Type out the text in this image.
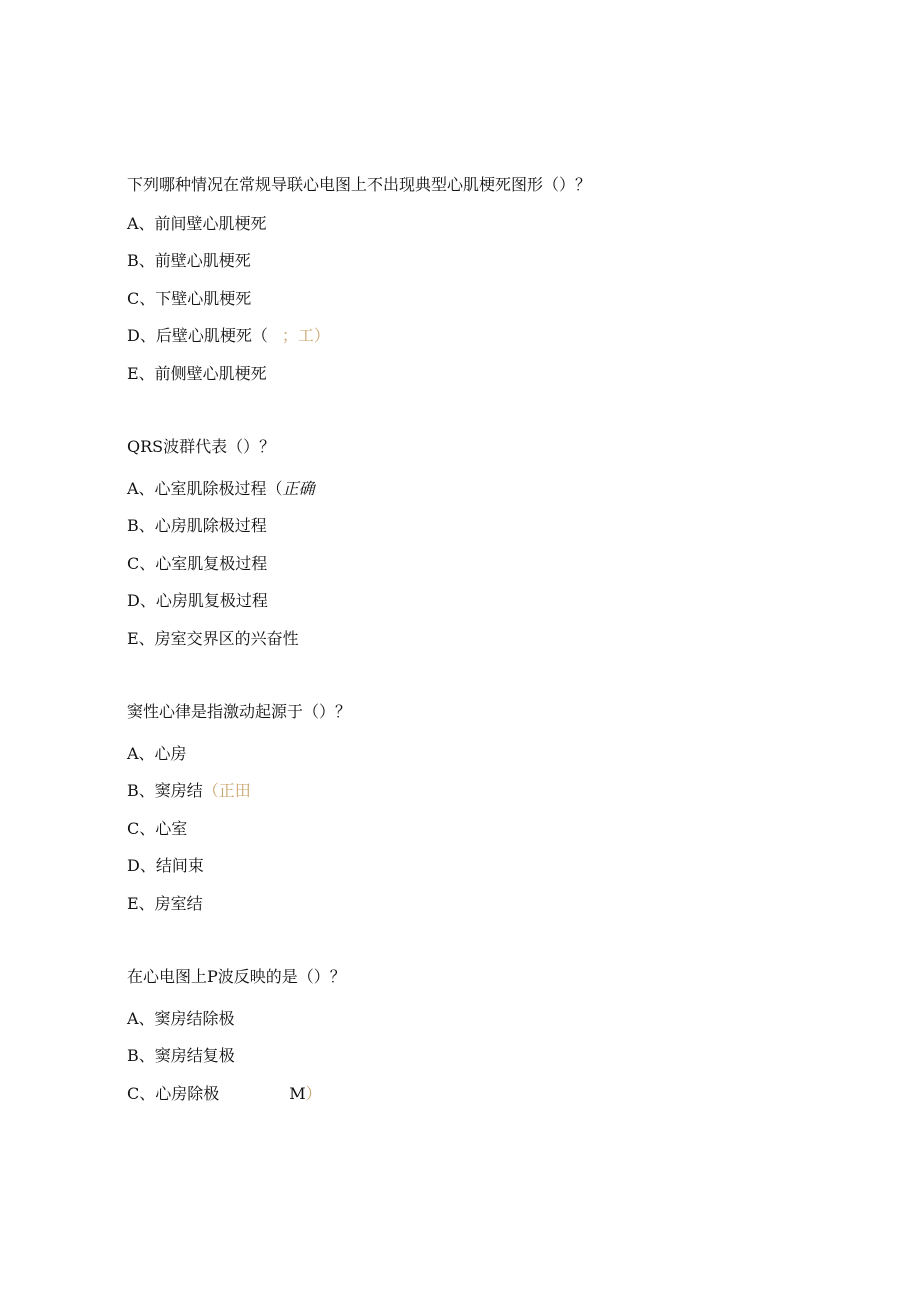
下列哪种情况在常规导联心电图上不出现典型心肌梗死图形（）？
A、前间壁心肌梗死
B、前壁心肌梗死
C、下壁心肌梗死
D、后壁心肌梗死（ ；工）
E、前侧壁心肌梗死
QRS波群代表（）？
A、心室肌除极过程（正确
B、心房肌除极过程
C、心室肌复极过程
D、心房肌复极过程
E、房室交界区的兴奋性
窦性心律是指激动起源于（）？
A、心房
B、窦房结（正田
C、心室
D、结间束
E、房室结
在心电图上P波反映的是（）？
A、窦房结除极
B、窦房结复极
C、心房除极	M）
